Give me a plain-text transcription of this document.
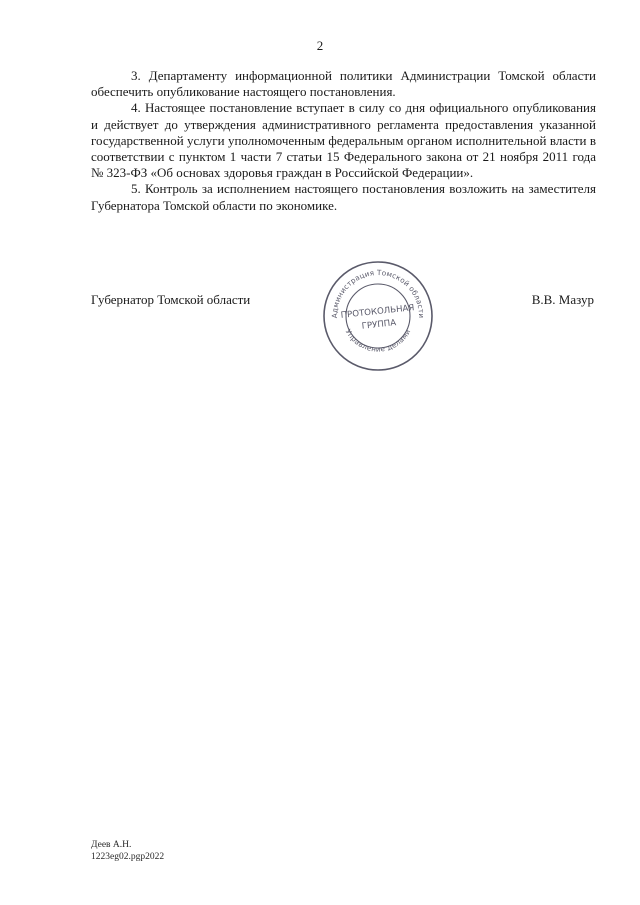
2

3. Департаменту информационной политики Администрации Томской области обеспечить опубликование настоящего постановления.

4. Настоящее постановление вступает в силу со дня официального опубликования и действует до утверждения административного регламента предоставления указанной государственной услуги уполномоченным федеральным органом исполнительной власти в соответствии с пунктом 1 части 7 статьи 15 Федерального закона от 21 ноября 2011 года № 323-ФЗ «Об основах здоровья граждан в Российской Федерации».

5. Контроль за исполнением настоящего постановления возложить на заместителя Губернатора Томской области по экономике.

Губернатор Томской области	В.В. Мазур
Администрация Томской области
Управление делами
ПРОТОКОЛЬНАЯ
ГРУППА
Деев А.Н.
1223eg02.pgp2022
